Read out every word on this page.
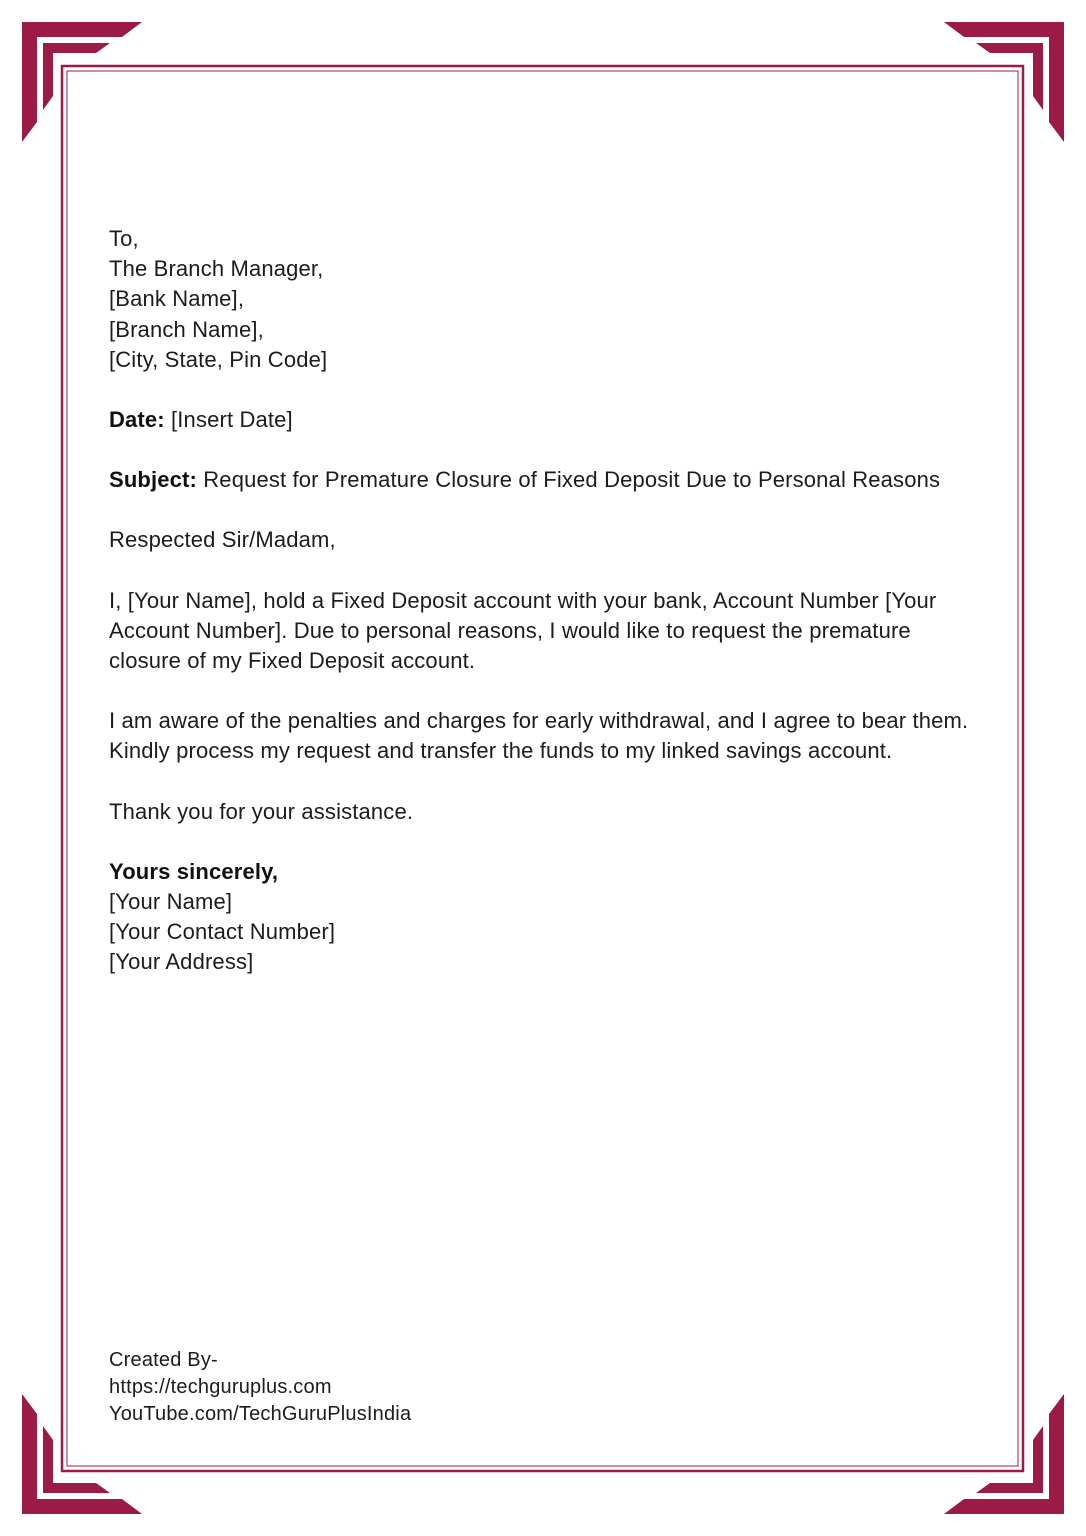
To,
The Branch Manager,
[Bank Name],
[Branch Name],
[City, State, Pin Code]

Date: [Insert Date]

Subject: Request for Premature Closure of Fixed Deposit Due to Personal Reasons

Respected Sir/Madam,

I, [Your Name], hold a Fixed Deposit account with your bank, Account Number [Your Account Number]. Due to personal reasons, I would like to request the premature closure of my Fixed Deposit account.

I am aware of the penalties and charges for early withdrawal, and I agree to bear them. Kindly process my request and transfer the funds to my linked savings account.

Thank you for your assistance.

Yours sincerely,
[Your Name]
[Your Contact Number]
[Your Address]

Created By-
https://techguruplus.com
YouTube.com/TechGuruPlusIndia
